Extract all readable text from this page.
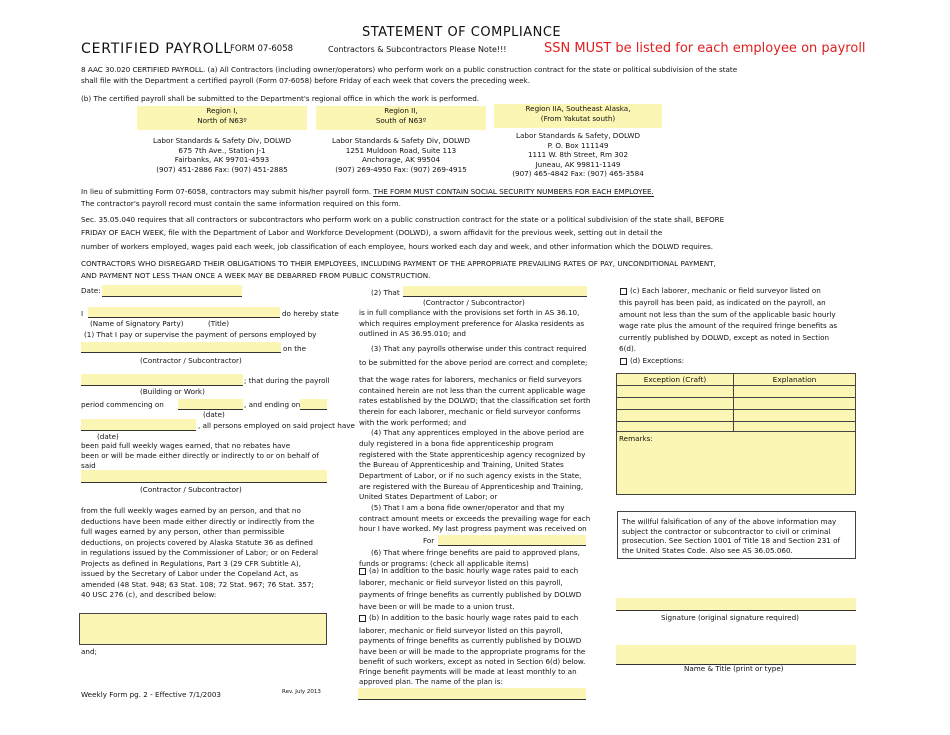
STATEMENT OF COMPLIANCE
CERTIFIED PAYROLL
FORM 07-6058	Contractors & Subcontractors Please Note!!!	SSN MUST be listed for each employee on payroll
8 AAC 30.020 CERTIFIED PAYROLL. (a) All Contractors (including owner/operators) who perform work on a public construction contract for the state or political subdivision of the state
shall file with the Department a certified payroll (Form 07-6058) before Friday of each week that covers the preceding week.
(b) The certified payroll shall be submitted to the Department's regional office in which the work is performed.
Region I,
North of N63º
Region II,
South of N63º
Region IIA, Southeast Alaska,
(From Yakutat south)
Labor Standards & Safety Div, DOLWD
675 7th Ave., Station J-1
Fairbanks, AK 99701-4593
(907) 451-2886 Fax: (907) 451-2885
Labor Standards & Safety Div, DOLWD
1251 Muldoon Road, Suite 113
Anchorage, AK 99504
(907) 269-4950 Fax: (907) 269-4915
Labor Standards & Safety, DOLWD
P. O. Box 111149
1111 W. 8th Street, Rm 302
Juneau, AK 99811-1149
(907) 465-4842 Fax: (907) 465-3584
In lieu of submitting Form 07-6058, contractors may submit his/her payroll form. THE FORM MUST CONTAIN SOCIAL SECURITY NUMBERS FOR EACH EMPLOYEE.
The contractor's payroll record must contain the same information required on this form.
Sec. 35.05.040 requires that all contractors or subcontractors who perform work on a public construction contract for the state or a political subdivision of the state shall, BEFORE
FRIDAY OF EACH WEEK, file with the Department of Labor and Workforce Development (DOLWD), a sworn affidavit for the previous week, setting out in detail the
number of workers employed, wages paid each week, job classification of each employee, hours worked each day and week, and other information which the DOLWD requires.
CONTRACTORS WHO DISREGARD THEIR OBLIGATIONS TO THEIR EMPLOYEES, INCLUDING PAYMENT OF THE APPROPRIATE PREVAILING RATES OF PAY, UNCONDITIONAL PAYMENT,
AND PAYMENT NOT LESS THAN ONCE A WEEK MAY BE DEBARRED FROM PUBLIC CONSTRUCTION.
Date:
I	do hereby state
(Name of Signatory Party)	(Title)
(1) That I pay or supervise the payment of persons employed by
on the
(Contractor / Subcontractor)
; that during the payroll
(Building or Work)
period commencing on	, and ending on
(date)
, all persons employed on said project have
(date)
been paid full weekly wages earned, that no rebates have
been or will be made either directly or indirectly to or on behalf of
said
(Contractor / Subcontractor)
from the full weekly wages earned by an person, and that no
deductions have been made either directly or indirectly from the
full wages earned by any person, other than permissible
deductions, on projects covered by Alaska Statute 36 as defined
in regulations issued by the Commissioner of Labor; or on Federal
Projects as defined in Regulations, Part 3 (29 CFR Subtitle A),
issued by the Secretary of Labor under the Copeland Act, as
amended (48 Stat. 948; 63 Stat. 108; 72 Stat. 967; 76 Stat. 357;
40 USC 276 (c), and described below:
and;
(2) That
(Contractor / Subcontractor)
is in full compliance with the provisions set forth in AS 36.10,
which requires employment preference for Alaska residents as
outlined in AS 36.95.010; and
(3) That any payrolls otherwise under this contract required
to be submitted for the above period are correct and complete;
that the wage rates for laborers, mechanics or field surveyors
contained herein are not less than the current applicable wage
rates established by the DOLWD; that the classification set forth
therein for each laborer, mechanic or field surveyor conforms
with the work performed; and
(4) That any apprentices employed in the above period are
duly registered in a bona fide apprenticeship program
registered with the State apprenticeship agency recognized by
the Bureau of Apprenticeship and Training, United States
Department of Labor, or if no such agency exists in the State,
are registered with the Bureau of Apprenticeship and Training,
United States Department of Labor; or
(5) That I am a bona fide owner/operator and that my
contract amount meets or exceeds the prevailing wage for each
hour I have worked. My last progress payment was received on
For
(6) That where fringe benefits are paid to approved plans,
funds or programs: (check all applicable items)
(a) In addition to the basic hourly wage rates paid to each
laborer, mechanic or field surveyor listed on this payroll,
payments of fringe benefits as currently published by DOLWD
have been or will be made to a union trust.
(b) In addition to the basic hourly wage rates paid to each
laborer, mechanic or field surveyor listed on this payroll,
payments of fringe benefits as currently published by DOLWD
have been or will be made to the appropriate programs for the
benefit of such workers, except as noted in Section 6(d) below.
Fringe benefit payments will be made at least monthly to an
approved plan. The name of the plan is:
(c) Each laborer, mechanic or field surveyor listed on
this payroll has been paid, as indicated on the payroll, an
amount not less than the sum of the applicable basic hourly
wage rate plus the amount of the required fringe benefits as
currently published by DOLWD, except as noted in Section
6(d).
(d) Exceptions:
Exception (Craft)	Explanation

Remarks:
The willful falsification of any of the above information may
subject the contractor or subcontractor to civil or criminal
prosecution. See Section 1001 of Title 18 and Section 231 of
the United States Code. Also see AS 36.05.060.
Signature (original signature required)
Name & Title (print or type)
Weekly Form pg. 2 - Effective 7/1/2003	Rev. July 2013
